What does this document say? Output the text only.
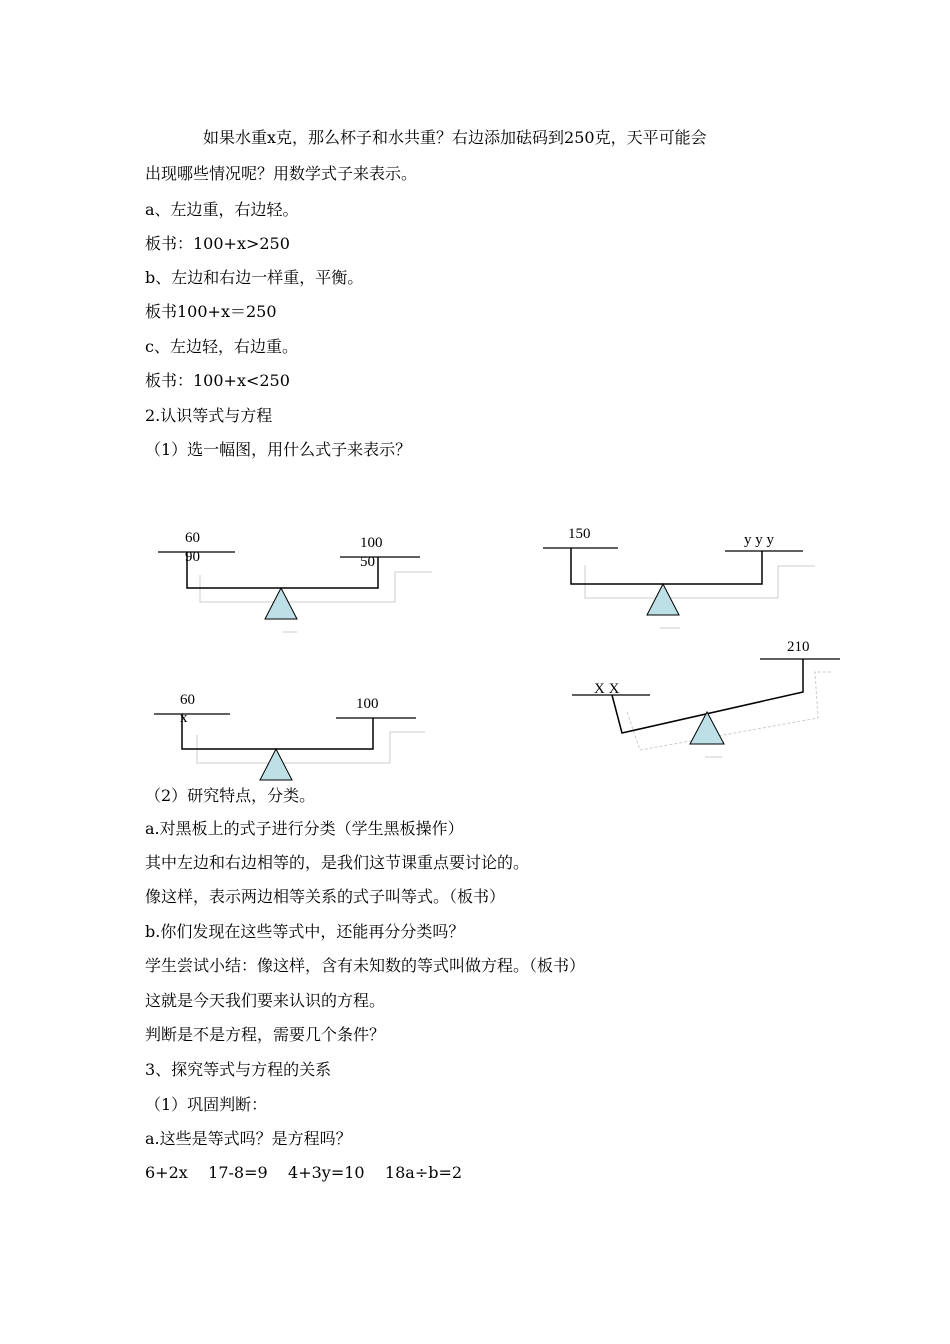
如果水重x克，那么杯子和水共重？右边添加砝码到250克，天平可能会
出现哪些情况呢？用数学式子来表示。
a、左边重，右边轻。
板书：100+x>250
b、左边和右边一样重，平衡。
板书100+x＝250
c、左边轻，右边重。
板书：100+x<250
2.认识等式与方程
（1）选一幅图，用什么式子来表示？
60
90
100
50
150	y y y
60
x
100
X X
210
（2）研究特点，分类。
a.对黑板上的式子进行分类（学生黑板操作）
其中左边和右边相等的，是我们这节课重点要讨论的。
像这样，表示两边相等关系的式子叫等式。（板书）
b.你们发现在这些等式中，还能再分分类吗？
学生尝试小结：像这样，含有未知数的等式叫做方程。（板书）
这就是今天我们要来认识的方程。
判断是不是方程，需要几个条件？
3、探究等式与方程的关系
（1）巩固判断：
a.这些是等式吗？是方程吗？
6+2x    17-8=9    4+3y=10    18a÷b=2
